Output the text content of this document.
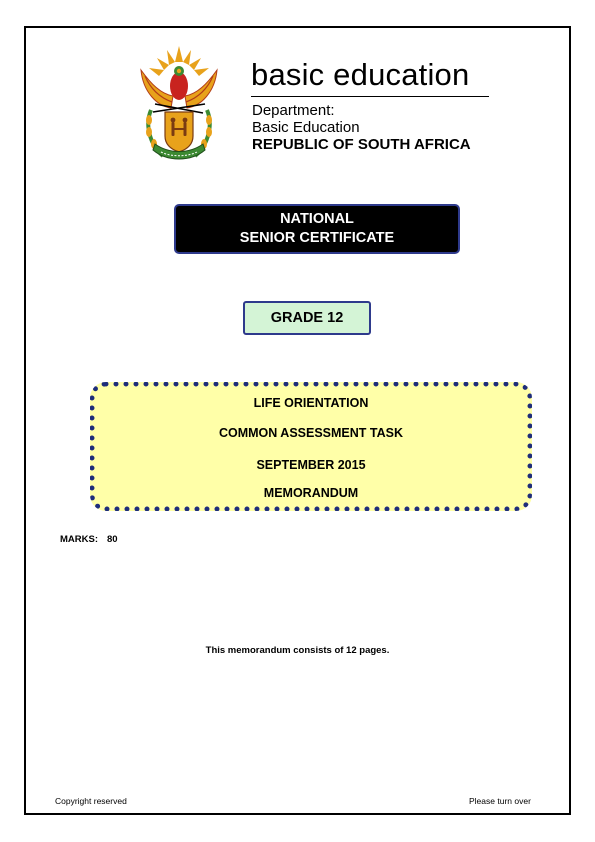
basic education
Department:
Basic Education
REPUBLIC OF SOUTH AFRICA
NATIONAL
SENIOR CERTIFICATE
GRADE 12
LIFE ORIENTATION
COMMON ASSESSMENT TASK
SEPTEMBER 2015
MEMORANDUM
MARKS: 80
This memorandum consists of 12 pages.
Copyright reserved	Please turn over
